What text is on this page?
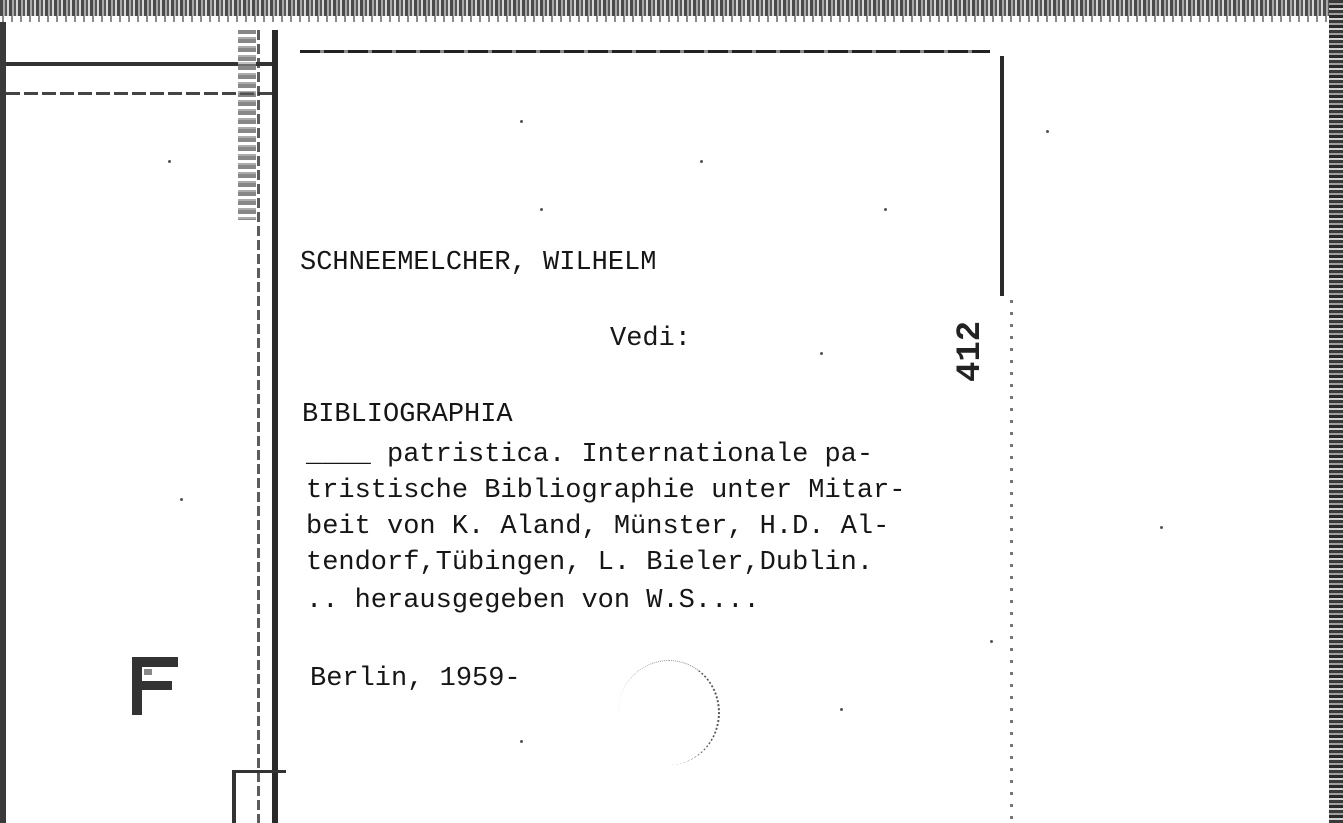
SCHNEEMELCHER, WILHELM
Vedi:
BIBLIOGRAPHIA
____ patristica. Internationale pa-
tristische Bibliographie unter Mitar-
beit von K. Aland, Münster, H.D. Al-
tendorf,Tübingen, L. Bieler,Dublin.
.. herausgegeben von W.S....
Berlin, 1959-
412
